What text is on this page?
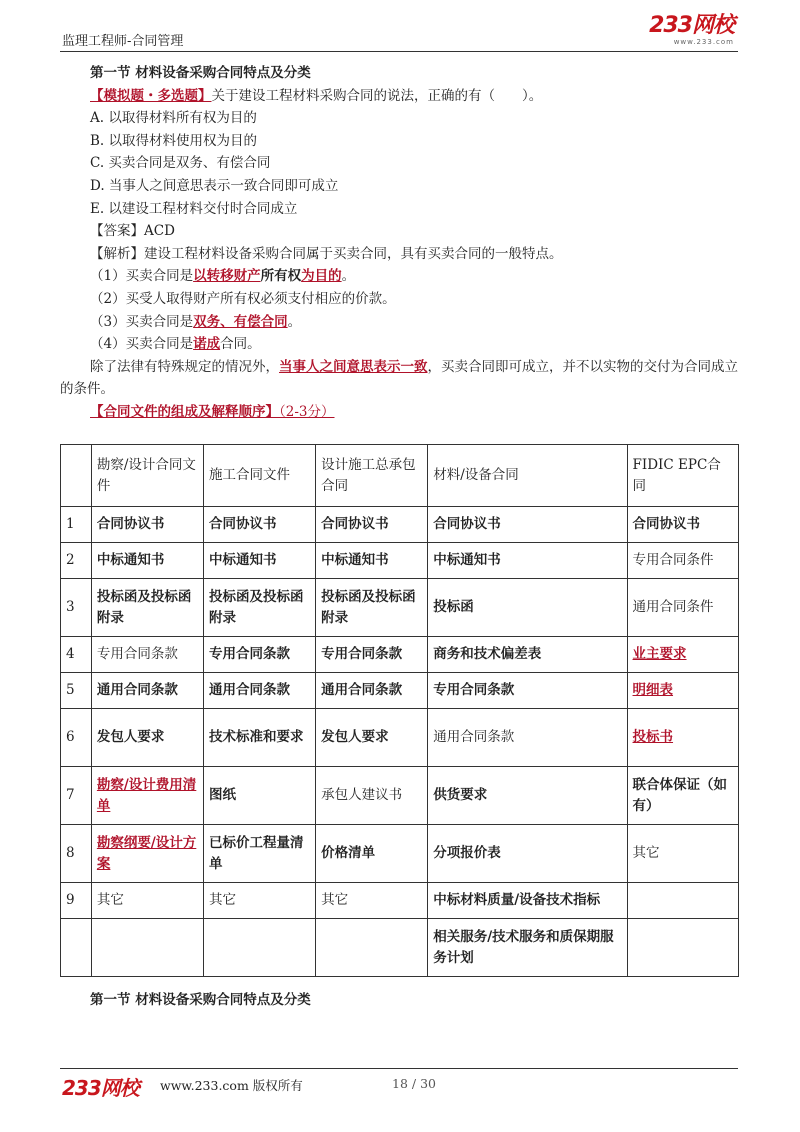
监理工程师-合同管理
233网校
www.233.com
第一节 材料设备采购合同特点及分类
【模拟题・多选题】关于建设工程材料采购合同的说法，正确的有（　　）。
A. 以取得材料所有权为目的
B. 以取得材料使用权为目的
C. 买卖合同是双务、有偿合同
D. 当事人之间意思表示一致合同即可成立
E. 以建设工程材料交付时合同成立
【答案】ACD
【解析】建设工程材料设备采购合同属于买卖合同，具有买卖合同的一般特点。
（1）买卖合同是以转移财产所有权为目的。
（2）买受人取得财产所有权必须支付相应的价款。
（3）买卖合同是双务、有偿合同。
（4）买卖合同是诺成合同。
除了法律有特殊规定的情况外，当事人之间意思表示一致，买卖合同即可成立，并不以实物的交付为合同成立的条件。
【合同文件的组成及解释顺序】（2-3分）
	勘察/设计合同文件	施工合同文件	设计施工总承包合同	材料/设备合同	FIDIC EPC合同
1	合同协议书	合同协议书	合同协议书	合同协议书	合同协议书
2	中标通知书	中标通知书	中标通知书	中标通知书	专用合同条件
3	投标函及投标函附录	投标函及投标函附录	投标函及投标函附录	投标函	通用合同条件
4	专用合同条款	专用合同条款	专用合同条款	商务和技术偏差表	业主要求
5	通用合同条款	通用合同条款	通用合同条款	专用合同条款	明细表
6	发包人要求	技术标准和要求	发包人要求	通用合同条款	投标书
7	勘察/设计费用清单	图纸	承包人建议书	供货要求	联合体保证（如有）
8	勘察纲要/设计方案	已标价工程量清单	价格清单	分项报价表	其它
9	其它	其它	其它	中标材料质量/设备技术指标	
				相关服务/技术服务和质保期服务计划	
第一节 材料设备采购合同特点及分类
233网校 www.233.com 版权所有	18 / 30
